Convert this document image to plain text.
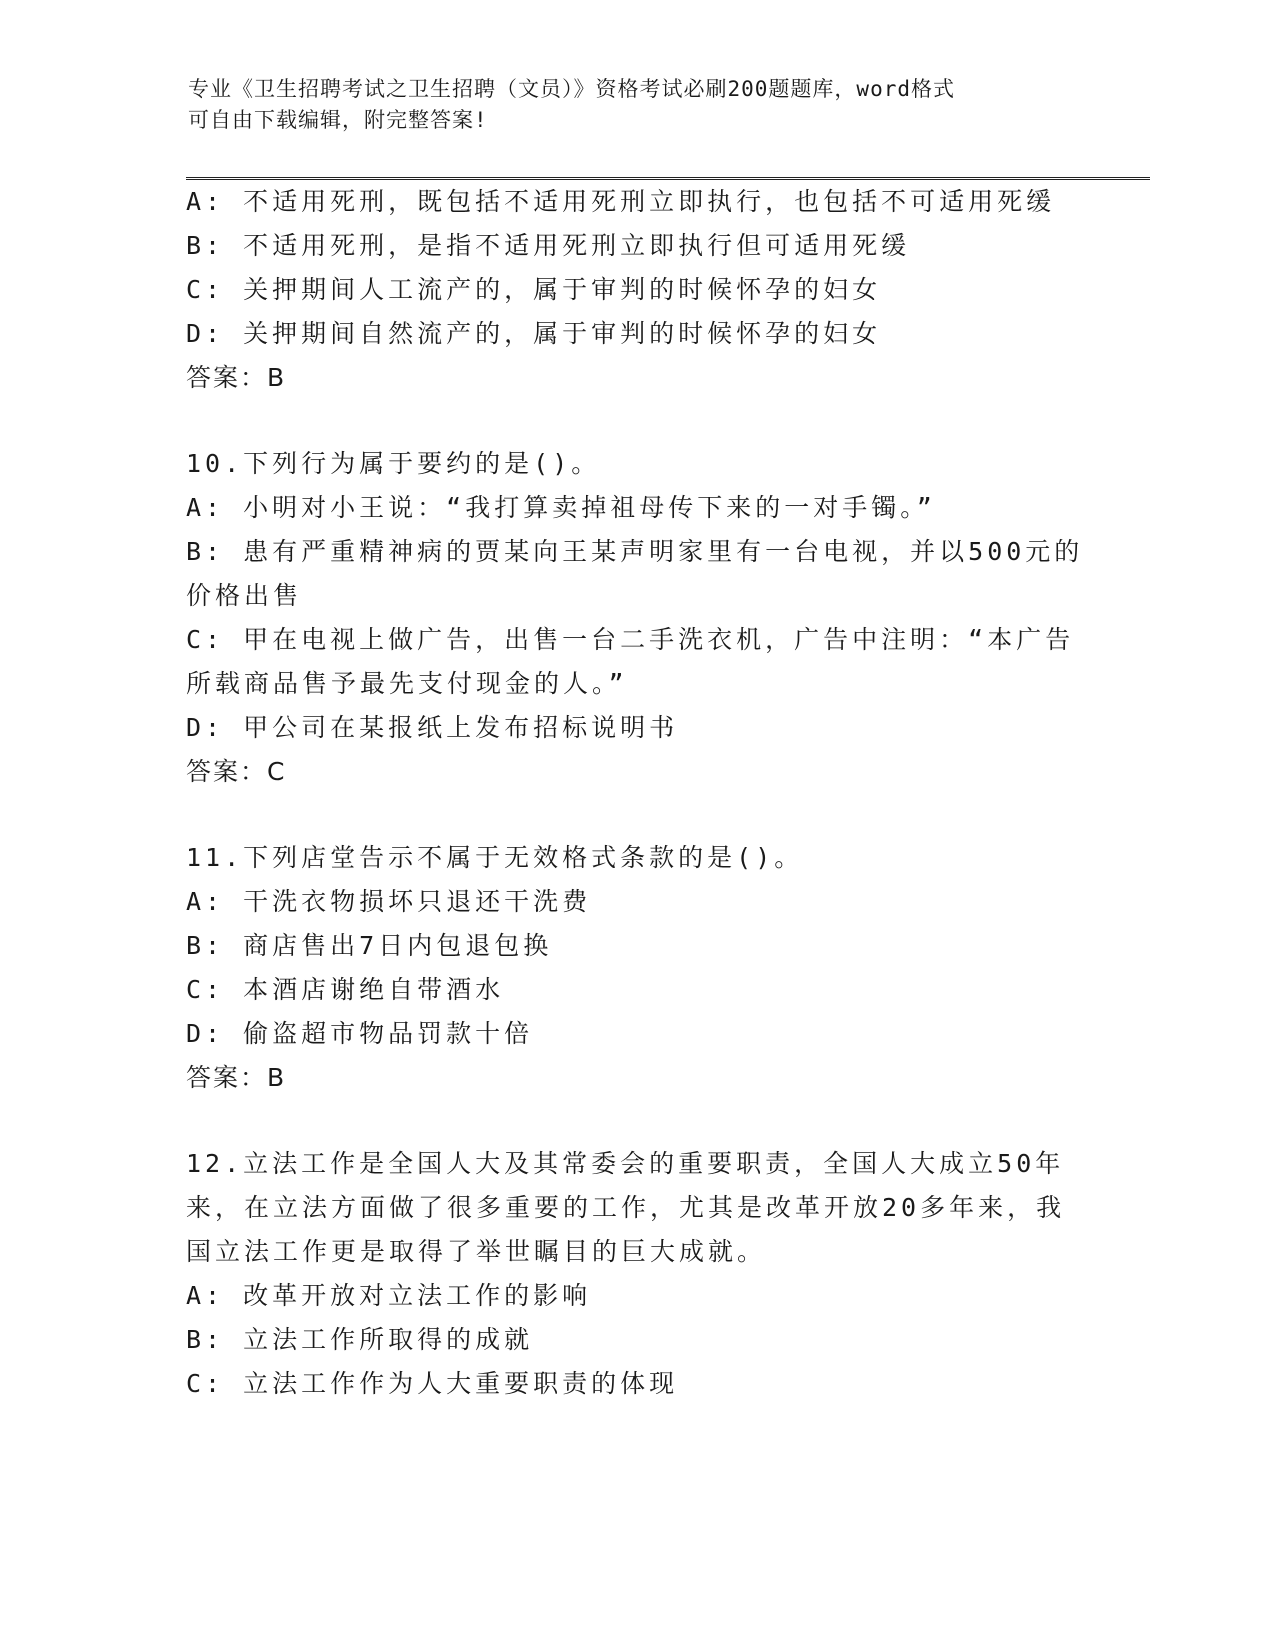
专业《卫生招聘考试之卫生招聘（文员）》资格考试必刷200题题库，word格式
可自由下载编辑，附完整答案!
A: 不适用死刑，既包括不适用死刑立即执行，也包括不可适用死缓
B: 不适用死刑，是指不适用死刑立即执行但可适用死缓
C: 关押期间人工流产的，属于审判的时候怀孕的妇女
D: 关押期间自然流产的，属于审判的时候怀孕的妇女
答案：B
10.下列行为属于要约的是()。
A: 小明对小王说：“我打算卖掉祖母传下来的一对手镯。”
B: 患有严重精神病的贾某向王某声明家里有一台电视，并以500元的
价格出售
C: 甲在电视上做广告，出售一台二手洗衣机，广告中注明：“本广告
所载商品售予最先支付现金的人。”
D: 甲公司在某报纸上发布招标说明书
答案：C
11.下列店堂告示不属于无效格式条款的是()。
A: 干洗衣物损坏只退还干洗费
B: 商店售出7日内包退包换
C: 本酒店谢绝自带酒水
D: 偷盗超市物品罚款十倍
答案：B
12.立法工作是全国人大及其常委会的重要职责，全国人大成立50年
来，在立法方面做了很多重要的工作，尤其是改革开放20多年来，我
国立法工作更是取得了举世瞩目的巨大成就。
A: 改革开放对立法工作的影响
B: 立法工作所取得的成就
C: 立法工作作为人大重要职责的体现
